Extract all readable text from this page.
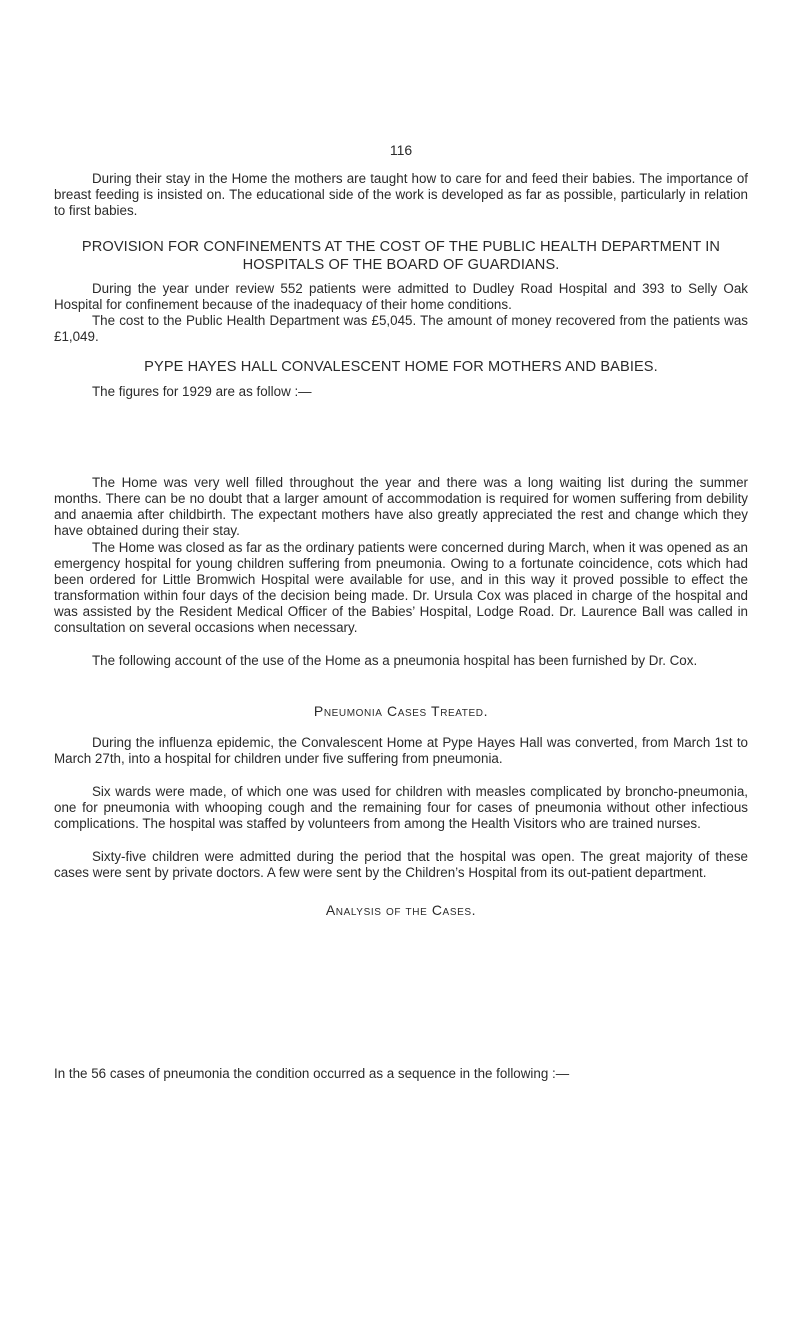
116

During their stay in the Home the mothers are taught how to care for and feed their babies. The importance of breast feeding is insisted on. The educational side of the work is developed as far as possible, particularly in relation to first babies.

PROVISION FOR CONFINEMENTS AT THE COST OF THE PUBLIC HEALTH DEPARTMENT IN HOSPITALS OF THE BOARD OF GUARDIANS.

During the year under review 552 patients were admitted to Dudley Road Hospital and 393 to Selly Oak Hospital for confinement because of the inadequacy of their home conditions.

The cost to the Public Health Department was £5,045. The amount of money recovered from the patients was £1,049.

PYPE HAYES HALL CONVALESCENT HOME FOR MOTHERS AND BABIES.

The figures for 1929 are as follow :—

The Home was very well filled throughout the year and there was a long waiting list during the summer months. There can be no doubt that a larger amount of accommodation is required for women suffering from debility and anaemia after childbirth. The expectant mothers have also greatly appreciated the rest and change which they have obtained during their stay.

The Home was closed as far as the ordinary patients were concerned during March, when it was opened as an emergency hospital for young children suffering from pneumonia. Owing to a fortunate coincidence, cots which had been ordered for Little Bromwich Hospital were available for use, and in this way it proved possible to effect the transformation within four days of the decision being made. Dr. Ursula Cox was placed in charge of the hospital and was assisted by the Resident Medical Officer of the Babies’ Hospital, Lodge Road. Dr. Laurence Ball was called in consultation on several occasions when necessary.

The following account of the use of the Home as a pneumonia hospital has been furnished by Dr. Cox.

Pneumonia Cases Treated.

During the influenza epidemic, the Convalescent Home at Pype Hayes Hall was converted, from March 1st to March 27th, into a hospital for children under five suffering from pneumonia.

Six wards were made, of which one was used for children with measles complicated by broncho-pneumonia, one for pneumonia with whooping cough and the remaining four for cases of pneumonia without other infectious complications. The hospital was staffed by volunteers from among the Health Visitors who are trained nurses.

Sixty-five children were admitted during the period that the hospital was open. The great majority of these cases were sent by private doctors. A few were sent by the Children’s Hospital from its out-patient department.

Analysis of the Cases.

In the 56 cases of pneumonia the condition occurred as a sequence in the following :—
